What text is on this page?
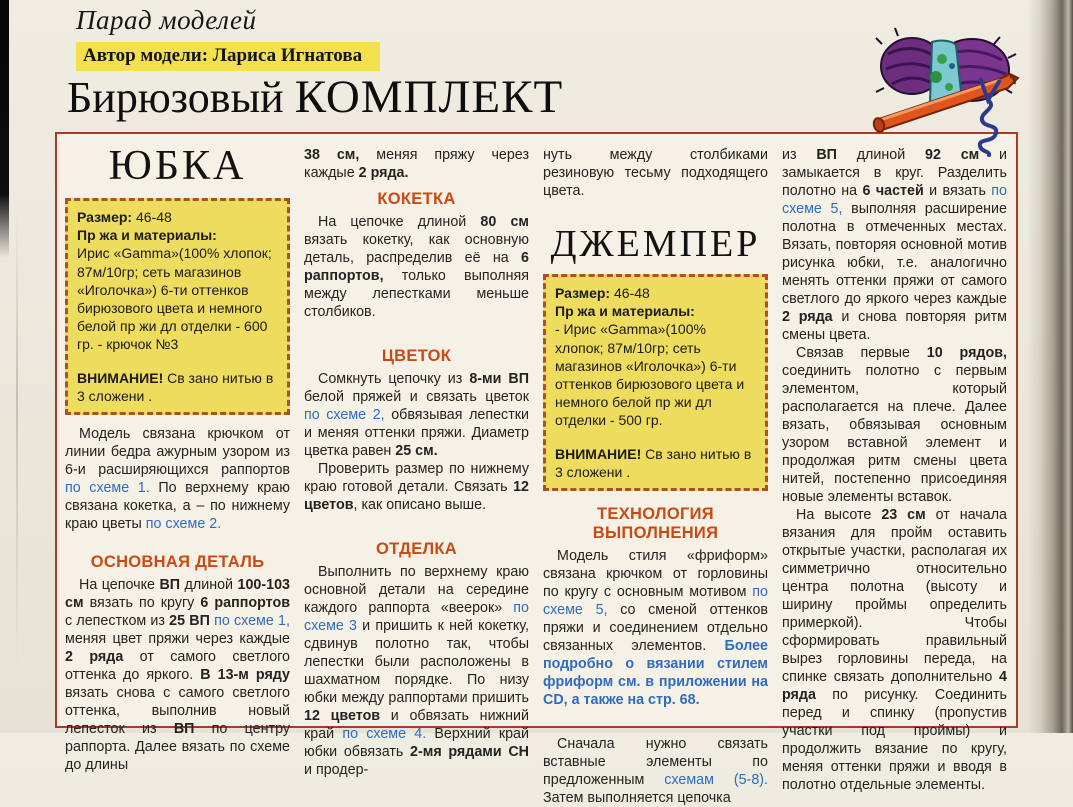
Парад моделей
Автор модели: Лариса Игнатова
Бирюзовый КОМПЛЕКТ
ЮБКА
Размер: 46-48
Пр жа и материалы:
Ирис «Gamma»(100% хлопок; 87м/10гр; сеть магазинов «Иголочка») 6-ти оттенков бирюзового цвета и немного белой пр жи дл отделки - 600 гр. - крючок №3
ВНИМАНИЕ! Св зано нитью в 3 сложени .

Модель связана крючком от линии бедра ажурным узором из 6-и расширяющихся раппортов по схеме 1. По верхнему краю связана кокетка, а – по нижнему краю цветы по схеме 2.

ОСНОВНАЯ ДЕТАЛЬ

На цепочке ВП длиной 100-103 см вязать по кругу 6 раппортов с лепестком из 25 ВП по схеме 1, меняя цвет пряжи через каждые 2 ряда от самого светлого оттенка до яркого. В 13-м ряду вязать снова с самого светлого оттенка, выполнив новый лепесток из ВП по центру раппорта. Далее вязать по схеме до длины

38 см, меняя пряжу через каждые 2 ряда.

КОКЕТКА

На цепочке длиной 80 см вязать кокетку, как основную деталь, распределив её на 6 раппортов, только выполняя между лепестками меньше столбиков.

ЦВЕТОК

Сомкнуть цепочку из 8-ми ВП белой пряжей и связать цветок по схеме 2, обвязывая лепестки и меняя оттенки пряжи. Диаметр цветка равен 25 см.

Проверить размер по нижнему краю готовой детали. Связать 12 цветов, как описано выше.

ОТДЕЛКА

Выполнить по верхнему краю основной детали на середине каждого раппорта «веерок» по схеме 3 и пришить к ней кокетку, сдвинув полотно так, чтобы лепестки были расположены в шахматном порядке. По низу юбки между раппортами пришить 12 цветов и обвязать нижний край по схеме 4. Верхний край юбки обвязать 2-мя рядами СН и продер-

нуть между столбиками резиновую тесьму подходящего цвета.

ДЖЕМПЕР
Размер: 46-48
Пр жа и материалы:
- Ирис «Gamma»(100% хлопок; 87м/10гр; сеть магазинов «Иголочка») 6-ти оттенков бирюзового цвета и немного белой пр жи дл отделки - 500 гр.
ВНИМАНИЕ! Св зано нитью в 3 сложени .
ТЕХНОЛОГИЯ ВЫПОЛНЕНИЯ

Модель стиля «фриформ» связана крючком от горловины по кругу с основным мотивом по схеме 5, со сменой оттенков пряжи и соединением отдельно связанных элементов. Более подробно о вязании стилем фриформ см. в приложении на CD, а также на стр. 68.

Сначала нужно связать вставные элементы по предложенным схемам (5-8). Затем выполняется цепочка

из ВП длиной 92 см и замыкается в круг. Разделить полотно на 6 частей и вязать по схеме 5, выполняя расширение полотна в отмеченных местах. Вязать, повторяя основной мотив рисунка юбки, т.е. аналогично менять оттенки пряжи от самого светлого до яркого через каждые 2 ряда и снова повторяя ритм смены цвета.

Связав первые 10 рядов, соединить полотно с первым элементом, который располагается на плече. Далее вязать, обвязывая основным узором вставной элемент и продолжая ритм смены цвета нитей, постепенно присоединяя новые элементы вставок.

На высоте 23 см от начала вязания для пройм оставить открытые участки, располагая их симметрично относительно центра полотна (высоту и ширину проймы определить примеркой). Чтобы сформировать правильный вырез горловины переда, на спинке связать дополнительно 4 ряда по рисунку. Соединить перед и спинку (пропустив участки под проймы) и продолжить вязание по кругу, меняя оттенки пряжи и вводя в полотно отдельные элементы.
